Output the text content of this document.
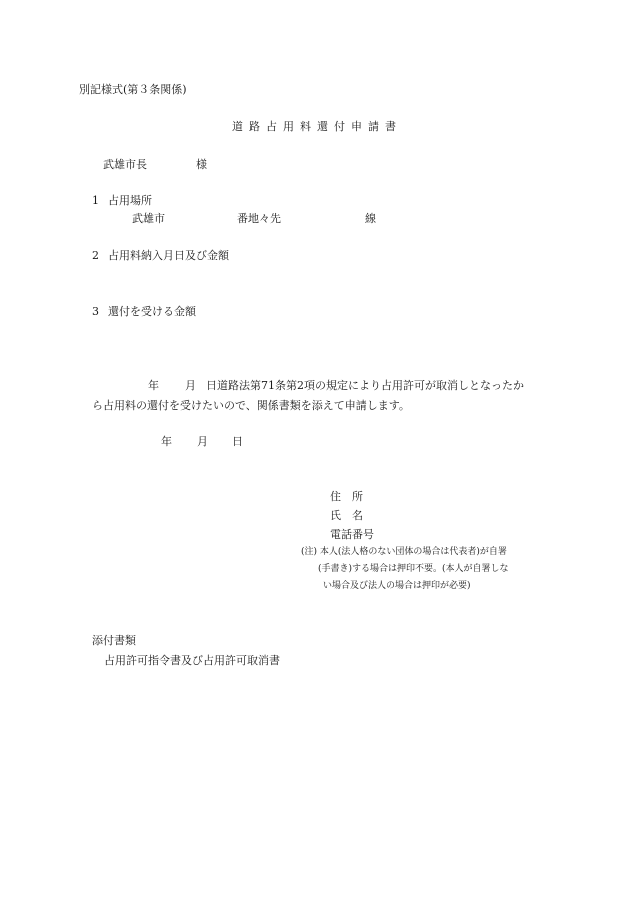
別記様式(第３条関係)
道路占用料還付申請書
武雄市長	様
1 占用場所
武雄市	番地々先	線
2 占用料納入月日及び金額
3 還付を受ける金額
年 月 日道路法第71条第2項の規定により占用許可が取消しとなったか
ら占用料の還付を受けたいので、関係書類を添えて申請します。
年 月 日
住　所
氏　名
電話番号
(注) 本人(法人格のない団体の場合は代表者)が自署
(手書き)する場合は押印不要。(本人が自署しな
い場合及び法人の場合は押印が必要)
添付書類
占用許可指令書及び占用許可取消書
